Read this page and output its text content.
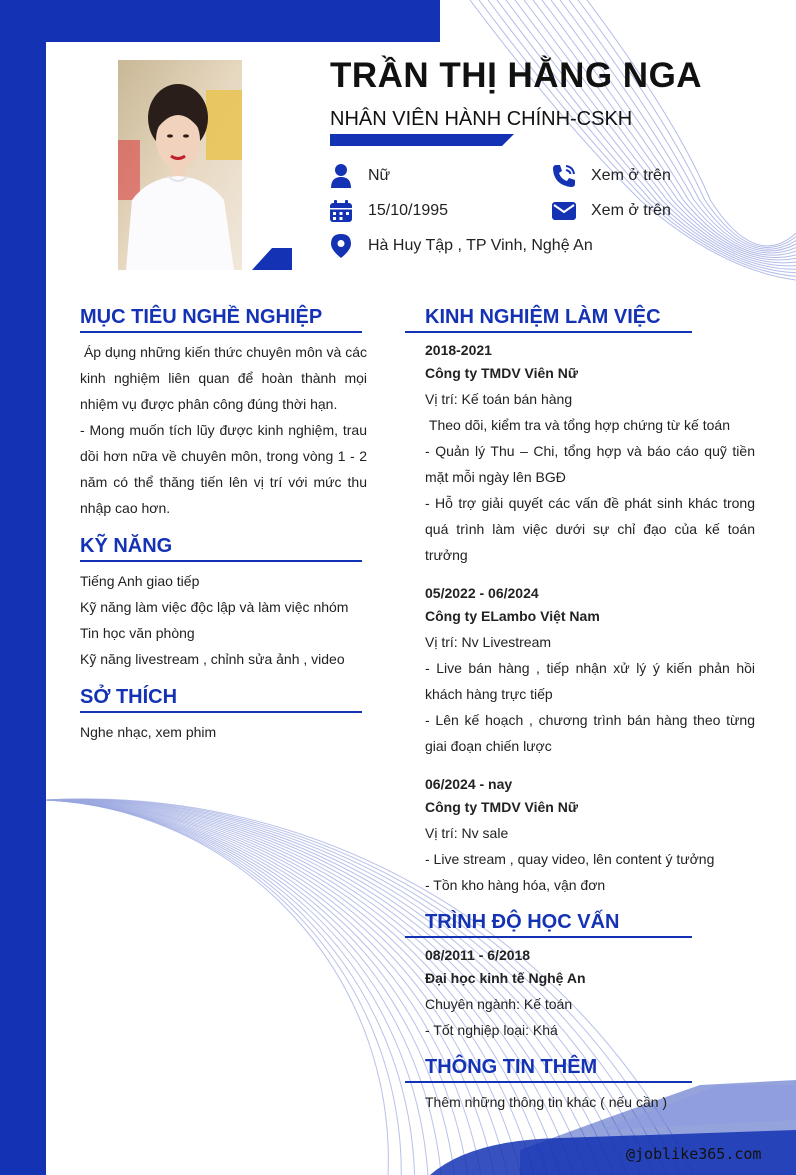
TRẦN THỊ HẰNG NGA
NHÂN VIÊN HÀNH CHÍNH-CSKH
Nữ
15/10/1995
Hà Huy Tập , TP Vinh, Nghệ An
Xem ở trên
Xem ở trên
MỤC TIÊU NGHỀ NGHIỆP
Áp dụng những kiến thức chuyên môn và các kinh nghiệm liên quan để hoàn thành mọi nhiệm vụ được phân công đúng thời hạn.
- Mong muốn tích lũy được kinh nghiệm, trau dồi hơn nữa về chuyên môn, trong vòng 1 - 2 năm có thể thăng tiến lên vị trí với mức thu nhập cao hơn.
KỸ NĂNG
Tiếng Anh giao tiếp
Kỹ năng làm việc độc lập và làm việc nhóm
Tin học văn phòng
Kỹ năng livestream , chỉnh sửa ảnh , video
SỞ THÍCH
Nghe nhạc, xem phim
KINH NGHIỆM LÀM VIỆC
2018-2021
Công ty TMDV Viên Nữ
Vị trí: Kế toán bán hàng
Theo dõi, kiểm tra và tổng hợp chứng từ kế toán
- Quản lý Thu – Chi, tổng hợp và báo cáo quỹ tiền mặt mỗi ngày lên BGĐ
- Hỗ trợ giải quyết các vấn đề phát sinh khác trong quá trình làm việc dưới sự chỉ đạo của kế toán trưởng
05/2022 - 06/2024
Công ty ELambo Việt Nam
Vị trí: Nv Livestream
- Live bán hàng , tiếp nhận xử lý ý kiến phản hồi khách hàng trực tiếp
- Lên kế hoạch , chương trình bán hàng theo từng giai đoạn chiến lược
06/2024 - nay
Công ty TMDV Viên Nữ
Vị trí: Nv sale
- Live stream , quay video, lên content ý tưởng
- Tồn kho hàng hóa, vận đơn
TRÌNH ĐỘ HỌC VẤN
08/2011 - 6/2018
Đại học kinh tế Nghệ An
Chuyên ngành: Kế toán
- Tốt nghiệp loại: Khá
THÔNG TIN THÊM
Thêm những thông tin khác ( nếu cần )
@joblike365.com
